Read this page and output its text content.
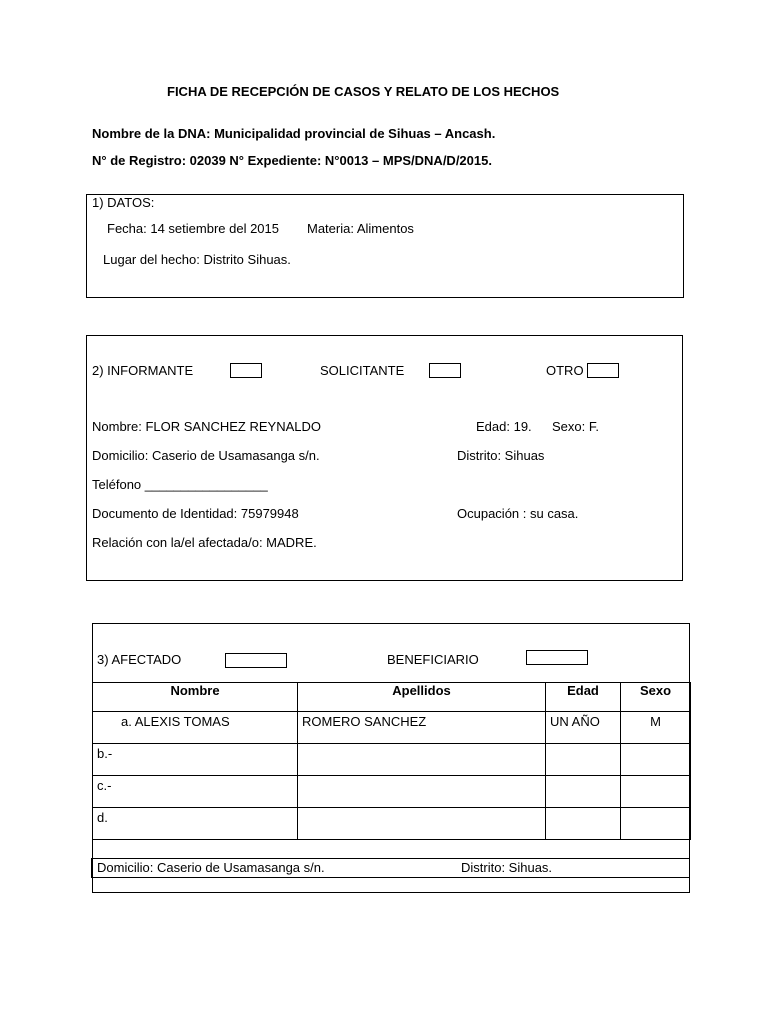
FICHA DE RECEPCIÓN DE CASOS Y RELATO DE LOS HECHOS
Nombre de la DNA: Municipalidad provincial de Sihuas – Ancash.
N° de Registro: 02039 N° Expediente: N°0013 – MPS/DNA/D/2015.
1) DATOS:
Fecha: 14 setiembre del 2015 Materia: Alimentos
Lugar del hecho: Distrito Sihuas.
2) INFORMANTE	SOLICITANTE	OTRO
Nombre: FLOR SANCHEZ REYNALDO	Edad: 19. Sexo: F.
Domicilio: Caserio de Usamasanga s/n.	Distrito: Sihuas
Teléfono _________________
Documento de Identidad: 75979948	Ocupación : su casa.
Relación con la/el afectada/o: MADRE.
3) AFECTADO	BENEFICIARIO
Nombre	Apellidos	Edad	Sexo
a. ALEXIS TOMAS	ROMERO SANCHEZ	UN AÑO	M
b.-			
c.-			
d.			
Domicilio: Caserio de Usamasanga s/n.	Distrito: Sihuas.
